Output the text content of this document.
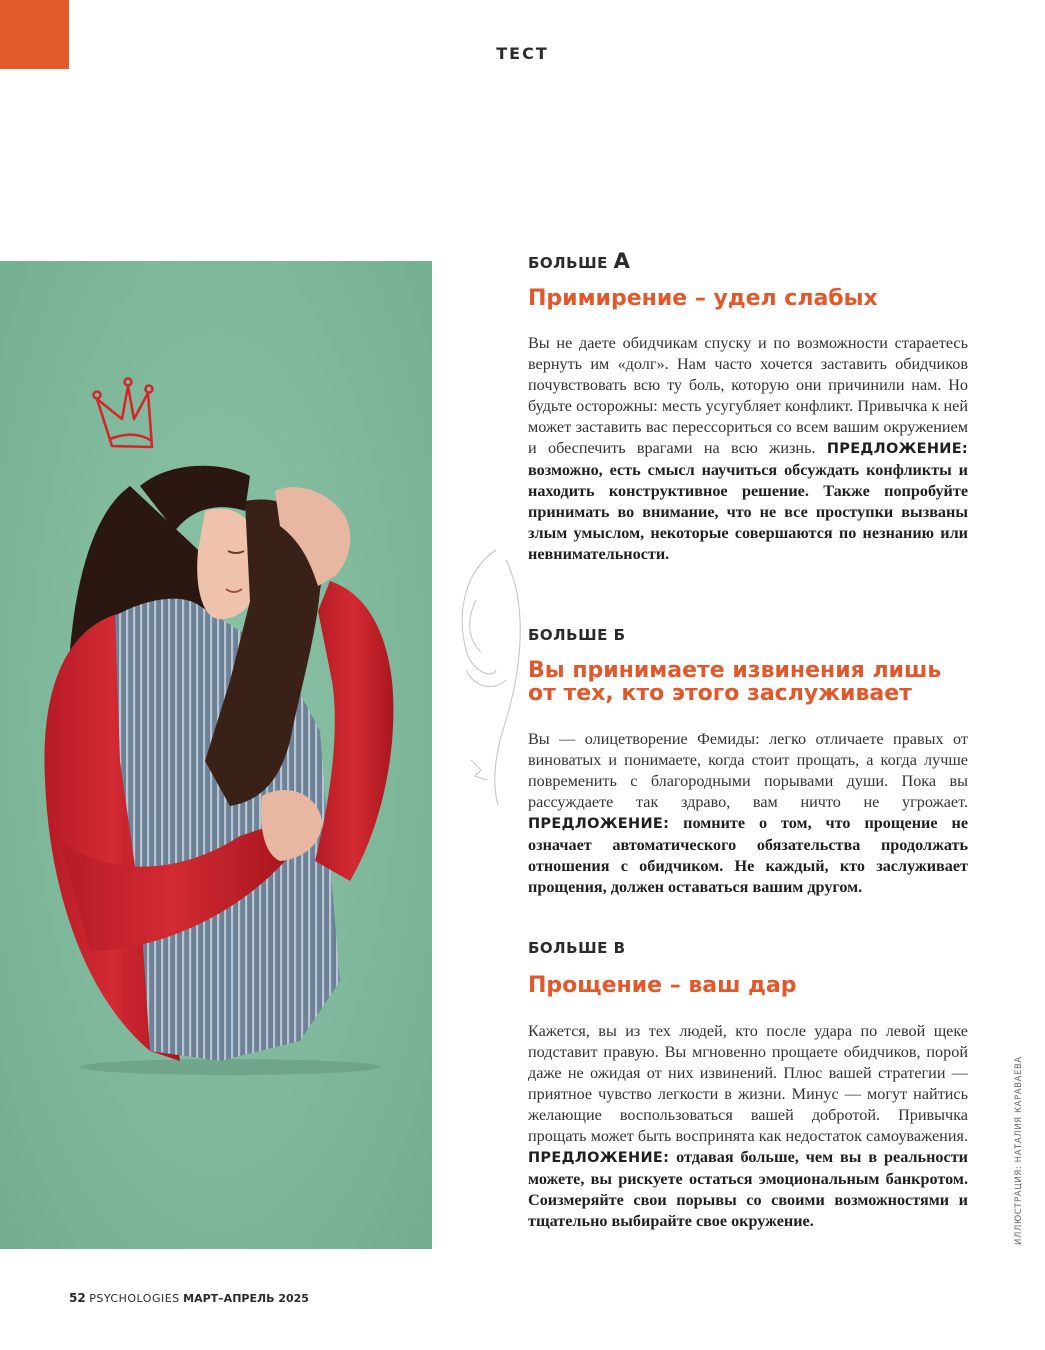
ТЕСТ
БОЛЬШЕ А
Примирение – удел слабых

Вы не даете обидчикам спуску и по возможности стараетесь вернуть им «долг». Нам часто хочется заставить обидчиков почувствовать всю ту боль, которую они причинили нам. Но будьте осторожны: месть усугубляет конфликт. Привычка к ней может заставить вас перессориться со всем вашим окружением и обеспечить врагами на всю жизнь. ПРЕДЛОЖЕНИЕ: возможно, есть смысл научиться обсуждать конфликты и находить конструктивное решение. Также попробуйте принимать во внимание, что не все проступки вызваны злым умыслом, некоторые совершаются по незнанию или невнимательности.

БОЛЬШЕ Б
Вы принимаете извинения лишь от тех, кто этого заслуживает

Вы — олицетворение Фемиды: легко отличаете правых от виноватых и понимаете, когда стоит прощать, а когда лучше повременить с благородными порывами души. Пока вы рассуждаете так здраво, вам ничто не угрожает. ПРЕДЛОЖЕНИЕ: помните о том, что прощение не означает автоматического обязательства продолжать отношения с обидчиком. Не каждый, кто заслуживает прощения, должен оставаться вашим другом.

БОЛЬШЕ В
Прощение – ваш дар

Кажется, вы из тех людей, кто после удара по левой щеке подставит правую. Вы мгновенно прощаете обидчиков, порой даже не ожидая от них извинений. Плюс вашей стратегии — приятное чувство легкости в жизни. Минус — могут найтись желающие воспользоваться вашей добротой. Привычка прощать может быть воспринята как недостаток самоуважения. ПРЕДЛОЖЕНИЕ: отдавая больше, чем вы в реальности можете, вы рискуете остаться эмоциональным банкротом. Соизмеряйте свои порывы со своими возможностями и тщательно выбирайте свое окружение.

52 PSYCHOLOGIES МАРТ–АПРЕЛЬ 2025
ИЛЛЮСТРАЦИЯ: НАТАЛИЯ КАРАВАЕВА
